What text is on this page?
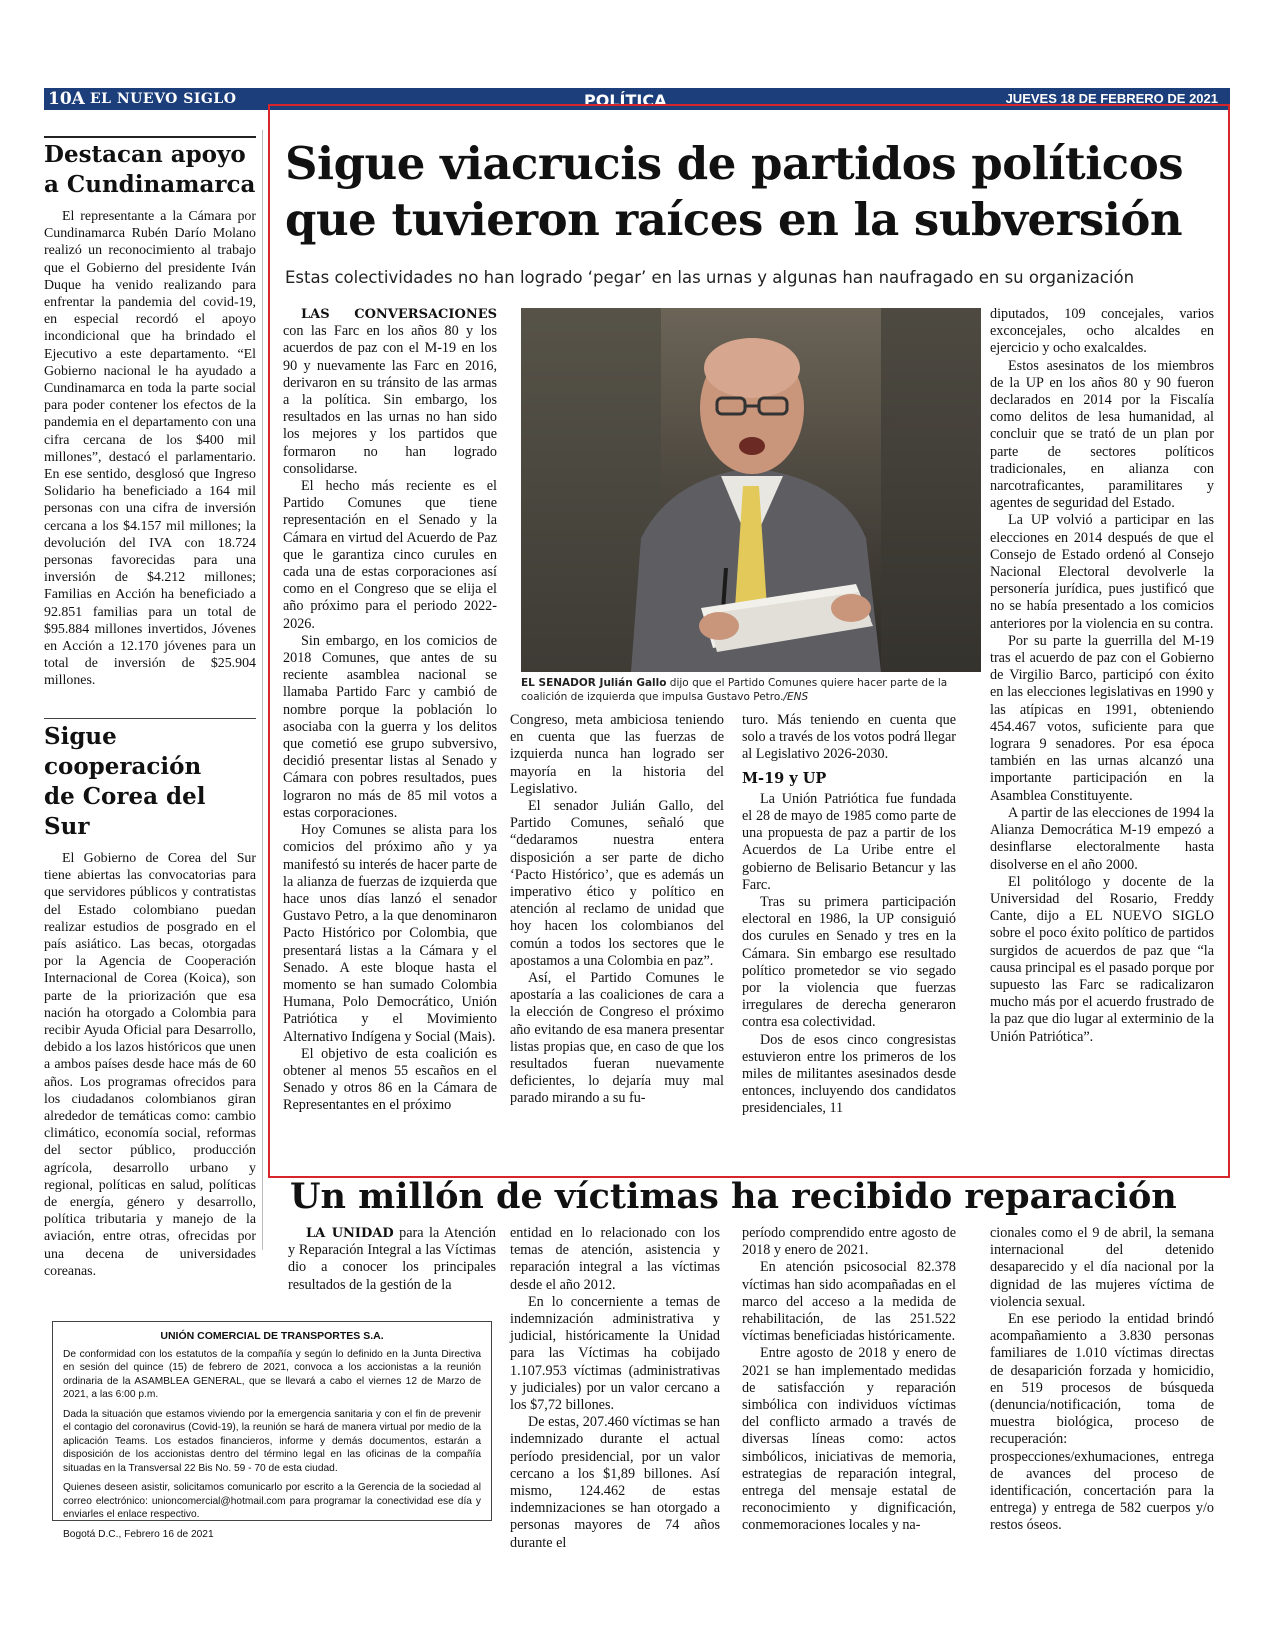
10A EL NUEVO SIGLO	POLÍTICA	JUEVES 18 DE FEBRERO DE 2021
Destacan apoyo
a Cundinamarca

El representante a la Cámara por Cundinamarca Rubén Darío Molano realizó un reconocimiento al trabajo que el Gobierno del presidente Iván Duque ha venido realizando para enfrentar la pandemia del covid-19, en especial recordó el apoyo incondicional que ha brindado el Ejecutivo a este departamento. “El Gobierno nacional le ha ayudado a Cundinamarca en toda la parte social para poder contener los efectos de la pandemia en el departamento con una cifra cercana de los $400 mil millones”, destacó el parlamentario. En ese sentido, desglosó que Ingreso Solidario ha beneficiado a 164 mil personas con una cifra de inversión cercana a los $4.157 mil millones; la devolución del IVA con 18.724 personas favorecidas para una inversión de $4.212 millones; Familias en Acción ha beneficiado a 92.851 familias para un total de $95.884 millones invertidos, Jóvenes en Acción a 12.170 jóvenes para un total de inversión de $25.904 millones.

Sigue cooperación
de Corea del Sur

El Gobierno de Corea del Sur tiene abiertas las convocatorias para que servidores públicos y contratistas del Estado colombiano puedan realizar estudios de posgrado en el país asiático. Las becas, otorgadas por la Agencia de Cooperación Internacional de Corea (Koica), son parte de la priorización que esa nación ha otorgado a Colombia para recibir Ayuda Oficial para Desarrollo, debido a los lazos históricos que unen a ambos países desde hace más de 60 años. Los programas ofrecidos para los ciudadanos colombianos giran alrededor de temáticas como: cambio climático, economía social, reformas del sector público, producción agrícola, desarrollo urbano y regional, políticas en salud, políticas de energía, género y desarrollo, política tributaria y manejo de la aviación, entre otras, ofrecidas por una decena de universidades coreanas.

Sigue viacrucis de partidos políticos
que tuvieron raíces en la subversión

Estas colectividades no han logrado ‘pegar’ en las urnas y algunas han naufragado en su organización

LAS CONVERSACIONES con las Farc en los años 80 y los acuerdos de paz con el M-19 en los 90 y nuevamente las Farc en 2016, derivaron en su tránsito de las armas a la política. Sin embargo, los resultados en las urnas no han sido los mejores y los partidos que formaron no han logrado consolidarse.

El hecho más reciente es el Partido Comunes que tiene representación en el Senado y la Cámara en virtud del Acuerdo de Paz que le garantiza cinco curules en cada una de estas corporaciones así como en el Congreso que se elija el año próximo para el periodo 2022-2026.

Sin embargo, en los comicios de 2018 Comunes, que antes de su reciente asamblea nacional se llamaba Partido Farc y cambió de nombre porque la población lo asociaba con la guerra y los delitos que cometió ese grupo subversivo, decidió presentar listas al Senado y Cámara con pobres resultados, pues lograron no más de 85 mil votos a estas corporaciones.

Hoy Comunes se alista para los comicios del próximo año y ya manifestó su interés de hacer parte de la alianza de fuerzas de izquierda que hace unos días lanzó el senador Gustavo Petro, a la que denominaron Pacto Histórico por Colombia, que presentará listas a la Cámara y el Senado. A este bloque hasta el momento se han sumado Colombia Humana, Polo Democrático, Unión Patriótica y el Movimiento Alternativo Indígena y Social (Mais).

El objetivo de esta coalición es obtener al menos 55 escaños en el Senado y otros 86 en la Cámara de Representantes en el próximo

EL SENADOR Julián Gallo dijo que el Partido Comunes quiere hacer parte de la coalición de izquierda que impulsa Gustavo Petro./ENS

Congreso, meta ambiciosa teniendo en cuenta que las fuerzas de izquierda nunca han logrado ser mayoría en la historia del Legislativo.

El senador Julián Gallo, del Partido Comunes, señaló que “dedaramos nuestra entera disposición a ser parte de dicho ‘Pacto Histórico’, que es además un imperativo ético y político en atención al reclamo de unidad que hoy hacen los colombianos del común a todos los sectores que le apostamos a una Colombia en paz”.

Así, el Partido Comunes le apostaría a las coaliciones de cara a la elección de Congreso el próximo año evitando de esa manera presentar listas propias que, en caso de que los resultados fueran nuevamente deficientes, lo dejaría muy mal parado mirando a su fu-

turo. Más teniendo en cuenta que solo a través de los votos podrá llegar al Legislativo 2026-2030.

M-19 y UP

La Unión Patriótica fue fundada el 28 de mayo de 1985 como parte de una propuesta de paz a partir de los Acuerdos de La Uribe entre el gobierno de Belisario Betancur y las Farc.

Tras su primera participación electoral en 1986, la UP consiguió dos curules en Senado y tres en la Cámara. Sin embargo ese resultado político prometedor se vio segado por la violencia que fuerzas irregulares de derecha generaron contra esa colectividad.

Dos de esos cinco congresistas estuvieron entre los primeros de los miles de militantes asesinados desde entonces, incluyendo dos candidatos presidenciales, 11

diputados, 109 concejales, varios exconcejales, ocho alcaldes en ejercicio y ocho exalcaldes.

Estos asesinatos de los miembros de la UP en los años 80 y 90 fueron declarados en 2014 por la Fiscalía como delitos de lesa humanidad, al concluir que se trató de un plan por parte de sectores políticos tradicionales, en alianza con narcotraficantes, paramilitares y agentes de seguridad del Estado.

La UP volvió a participar en las elecciones en 2014 después de que el Consejo de Estado ordenó al Consejo Nacional Electoral devolverle la personería jurídica, pues justificó que no se había presentado a los comicios anteriores por la violencia en su contra.

Por su parte la guerrilla del M-19 tras el acuerdo de paz con el Gobierno de Virgilio Barco, participó con éxito en las elecciones legislativas en 1990 y las atípicas en 1991, obteniendo 454.467 votos, suficiente para que lograra 9 senadores. Por esa época también en las urnas alcanzó una importante participación en la Asamblea Constituyente.

A partir de las elecciones de 1994 la Alianza Democrática M-19 empezó a desinflarse electoralmente hasta disolverse en el año 2000.

El politólogo y docente de la Universidad del Rosario, Freddy Cante, dijo a EL NUEVO SIGLO sobre el poco éxito político de partidos surgidos de acuerdos de paz que “la causa principal es el pasado porque por supuesto las Farc se radicalizaron mucho más por el acuerdo frustrado de la paz que dio lugar al exterminio de la Unión Patriótica”.

Un millón de víctimas ha recibido reparación

LA UNIDAD para la Atención y Reparación Integral a las Víctimas dio a conocer los principales resultados de la gestión de la

entidad en lo relacionado con los temas de atención, asistencia y reparación integral a las víctimas desde el año 2012.

En lo concerniente a temas de indemnización administrativa y judicial, históricamente la Unidad para las Víctimas ha cobijado 1.107.953 víctimas (administrativas y judiciales) por un valor cercano a los $7,72 billones.

De estas, 207.460 víctimas se han indemnizado durante el actual período presidencial, por un valor cercano a los $1,89 billones. Así mismo, 124.462 de estas indemnizaciones se han otorgado a personas mayores de 74 años durante el

período comprendido entre agosto de 2018 y enero de 2021.

En atención psicosocial 82.378 víctimas han sido acompañadas en el marco del acceso a la medida de rehabilitación, de las 251.522 víctimas beneficiadas históricamente.

Entre agosto de 2018 y enero de 2021 se han implementado medidas de satisfacción y reparación simbólica con individuos víctimas del conflicto armado a través de diversas líneas como: actos simbólicos, iniciativas de memoria, estrategias de reparación integral, entrega del mensaje estatal de reconocimiento y dignificación, conmemoraciones locales y na-

cionales como el 9 de abril, la semana internacional del detenido desaparecido y el día nacional por la dignidad de las mujeres víctima de violencia sexual.

En ese periodo la entidad brindó acompañamiento a 3.830 personas familiares de 1.010 víctimas directas de desaparición forzada y homicidio, en 519 procesos de búsqueda (denuncia/notificación, toma de muestra biológica, proceso de recuperación: prospecciones/exhumaciones, entrega de avances del proceso de identificación, concertación para la entrega) y entrega de 582 cuerpos y/o restos óseos.

UNIÓN COMERCIAL DE TRANSPORTES S.A.

De conformidad con los estatutos de la compañía y según lo definido en la Junta Directiva en sesión del quince (15) de febrero de 2021, convoca a los accionistas a la reunión ordinaria de la ASAMBLEA GENERAL, que se llevará a cabo el viernes 12 de Marzo de 2021, a las 6:00 p.m.

Dada la situación que estamos viviendo por la emergencia sanitaria y con el fin de prevenir el contagio del coronavirus (Covid-19), la reunión se hará de manera virtual por medio de la aplicación Teams. Los estados financieros, informe y demás documentos, estarán a disposición de los accionistas dentro del término legal en las oficinas de la compañía situadas en la Transversal 22 Bis No. 59 - 70 de esta ciudad.

Quienes deseen asistir, solicitamos comunicarlo por escrito a la Gerencia de la sociedad al correo electrónico: unioncomercial@hotmail.com para programar la conectividad ese día y enviarles el enlace respectivo.

Bogotá D.C., Febrero 16 de 2021
